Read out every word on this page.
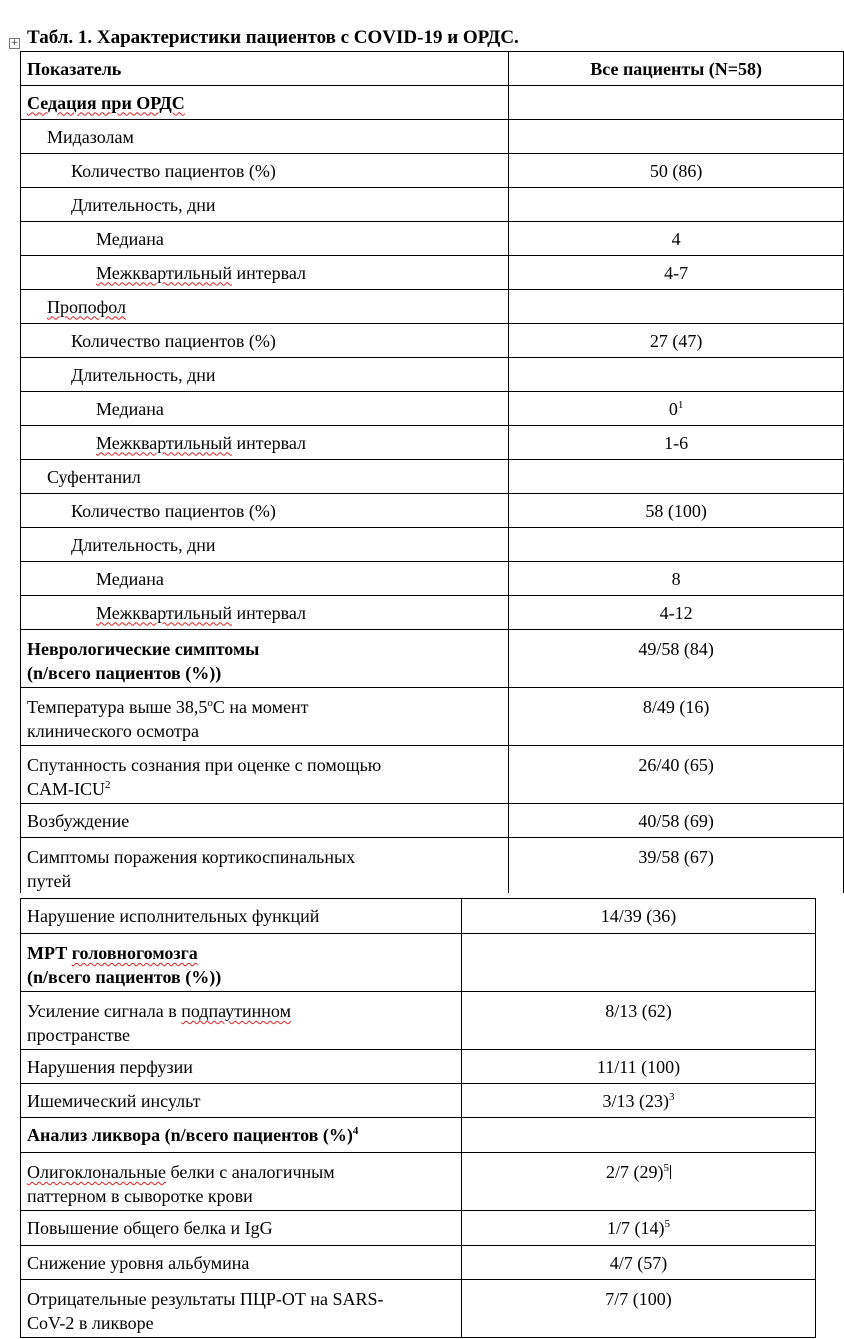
+ Табл. 1. Характеристики пациентов с COVID-19 и ОРДС.
Показатель	Все пациенты (N=58)
Седация при ОРДС	
Мидазолам	
Количество пациентов (%)	50 (86)
Длительность, дни	
Медиана	4
Межквартильный интервал	4-7
Пропофол	
Количество пациентов (%)	27 (47)
Длительность, дни	
Медиана	$0^1$
Межквартильный интервал	1-6
Суфентанил	
Количество пациентов (%)	58 (100)
Длительность, дни	
Медиана	8
Межквартильный интервал	4-12

Неврологические симптомы
(n/всего пациентов (%))	49/58 (84)

Температура выше $38,5^оС$ на момент
клинического осмотра	8/49 (16)

Спутанность сознания при оценке с помощью
CAM-ICU$^2$	26/40 (65)
Возбуждение	40/58 (69)

Симптомы поражения кортикоспинальных
путей	39/58 (67)
Нарушение исполнительных функций	14/39 (36)

МРТ головногомозга
(n/всего пациентов (%))	

Усиление сигнала в подпаутинном
пространстве	8/13 (62)
Нарушения перфузии	11/11 (100)
Ишемический инсульт	3/13 $(23)^3$
Анализ ликвора (n/всего пациентов (%)$^4$	

Олигоклональные белки с аналогичным
паттерном в сыворотке крови	2/7 $(29)^5$
Повышение общего белка и IgG	1/7 $(14)^5$
Снижение уровня альбумина	4/7 (57)

Отрицательные результаты ПЦР-ОТ на SARS-
CoV-2 в ликворе	7/7 (100)
